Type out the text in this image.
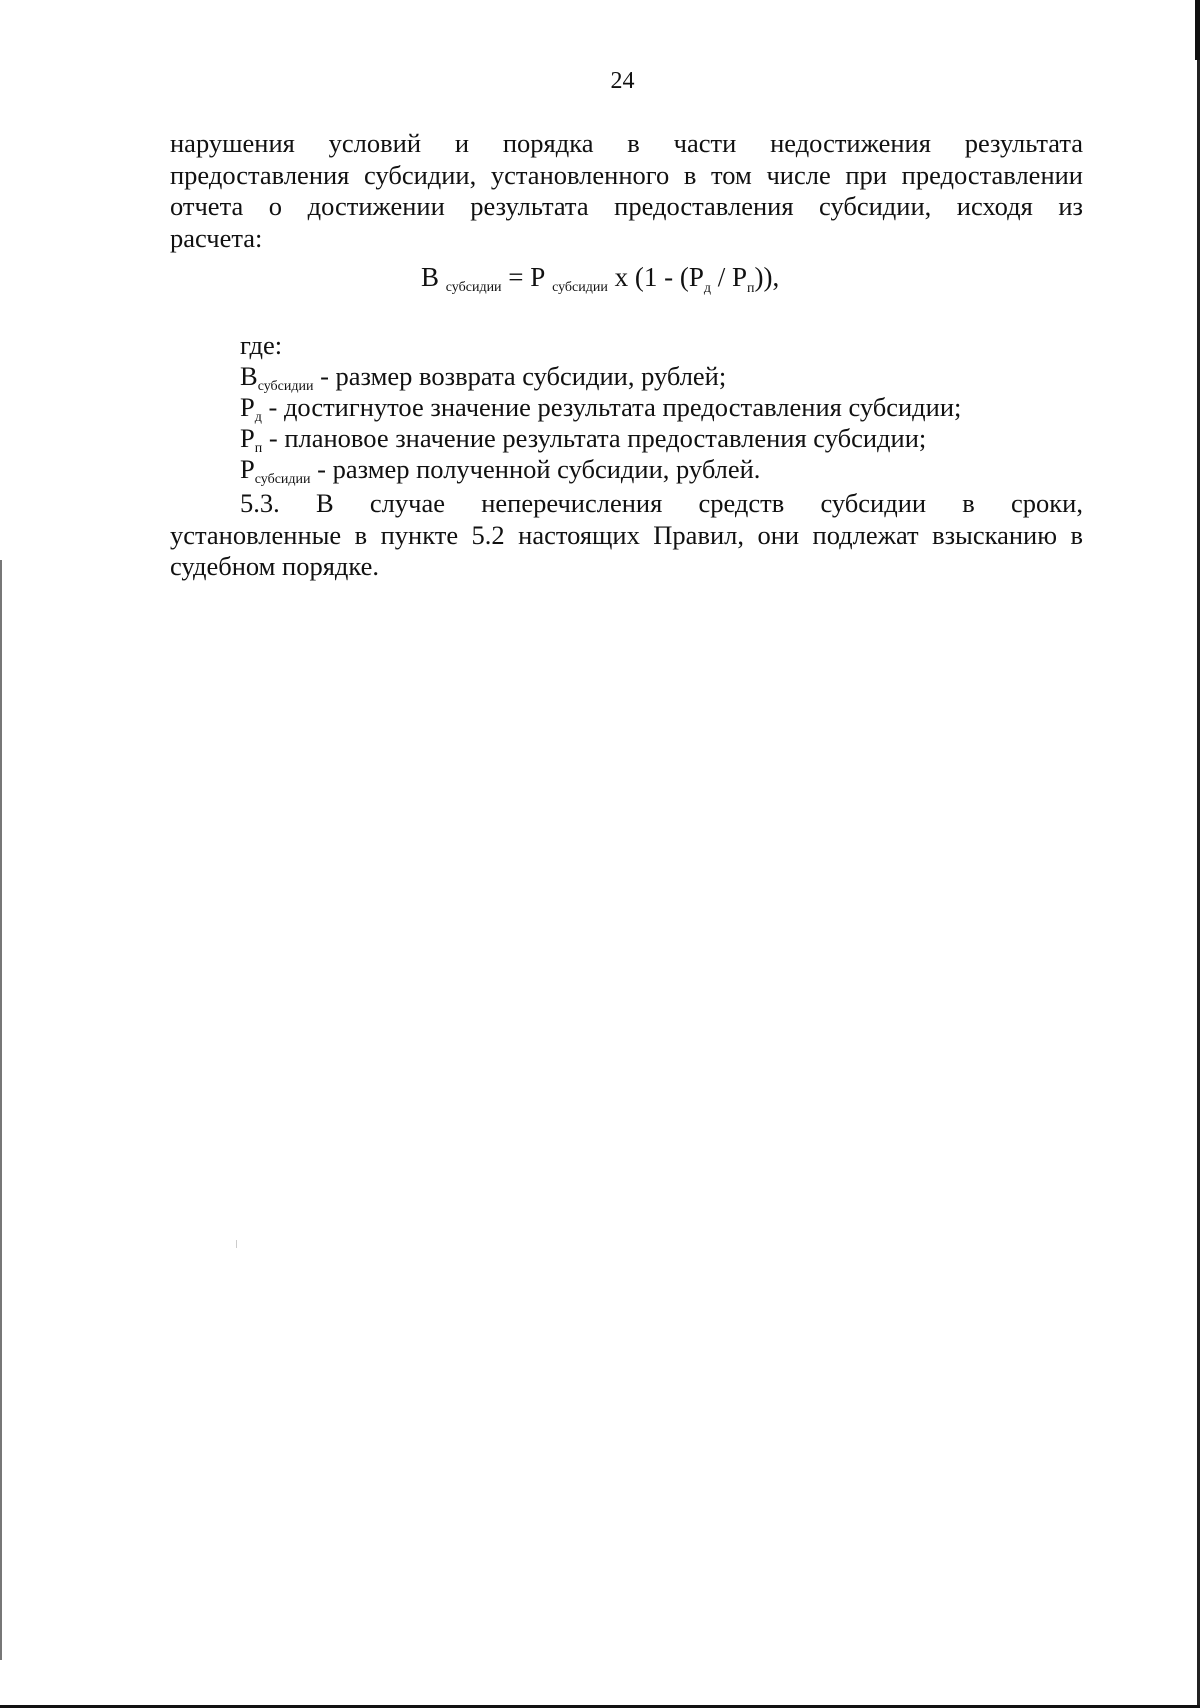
24
нарушения условий и порядка в части недостижения результата
предоставления субсидии, установленного в том числе при предоставлении
отчета о достижении результата предоставления субсидии, исходя из
расчета:
В $_{субсидии}$ = Р $_{субсидии}$ х $(1 - (Р_д / Р_п))$,
где:
$В_{субсидии}$ - размер возврата субсидии, рублей;
$Р_д$ - достигнутое значение результата предоставления субсидии;
$Р_п$ - плановое значение результата предоставления субсидии;
$Р_{субсидии}$ - размер полученной субсидии, рублей.
5.3. В случае неперечисления средств субсидии в сроки,
установленные в пункте 5.2 настоящих Правил, они подлежат взысканию в
судебном порядке.
